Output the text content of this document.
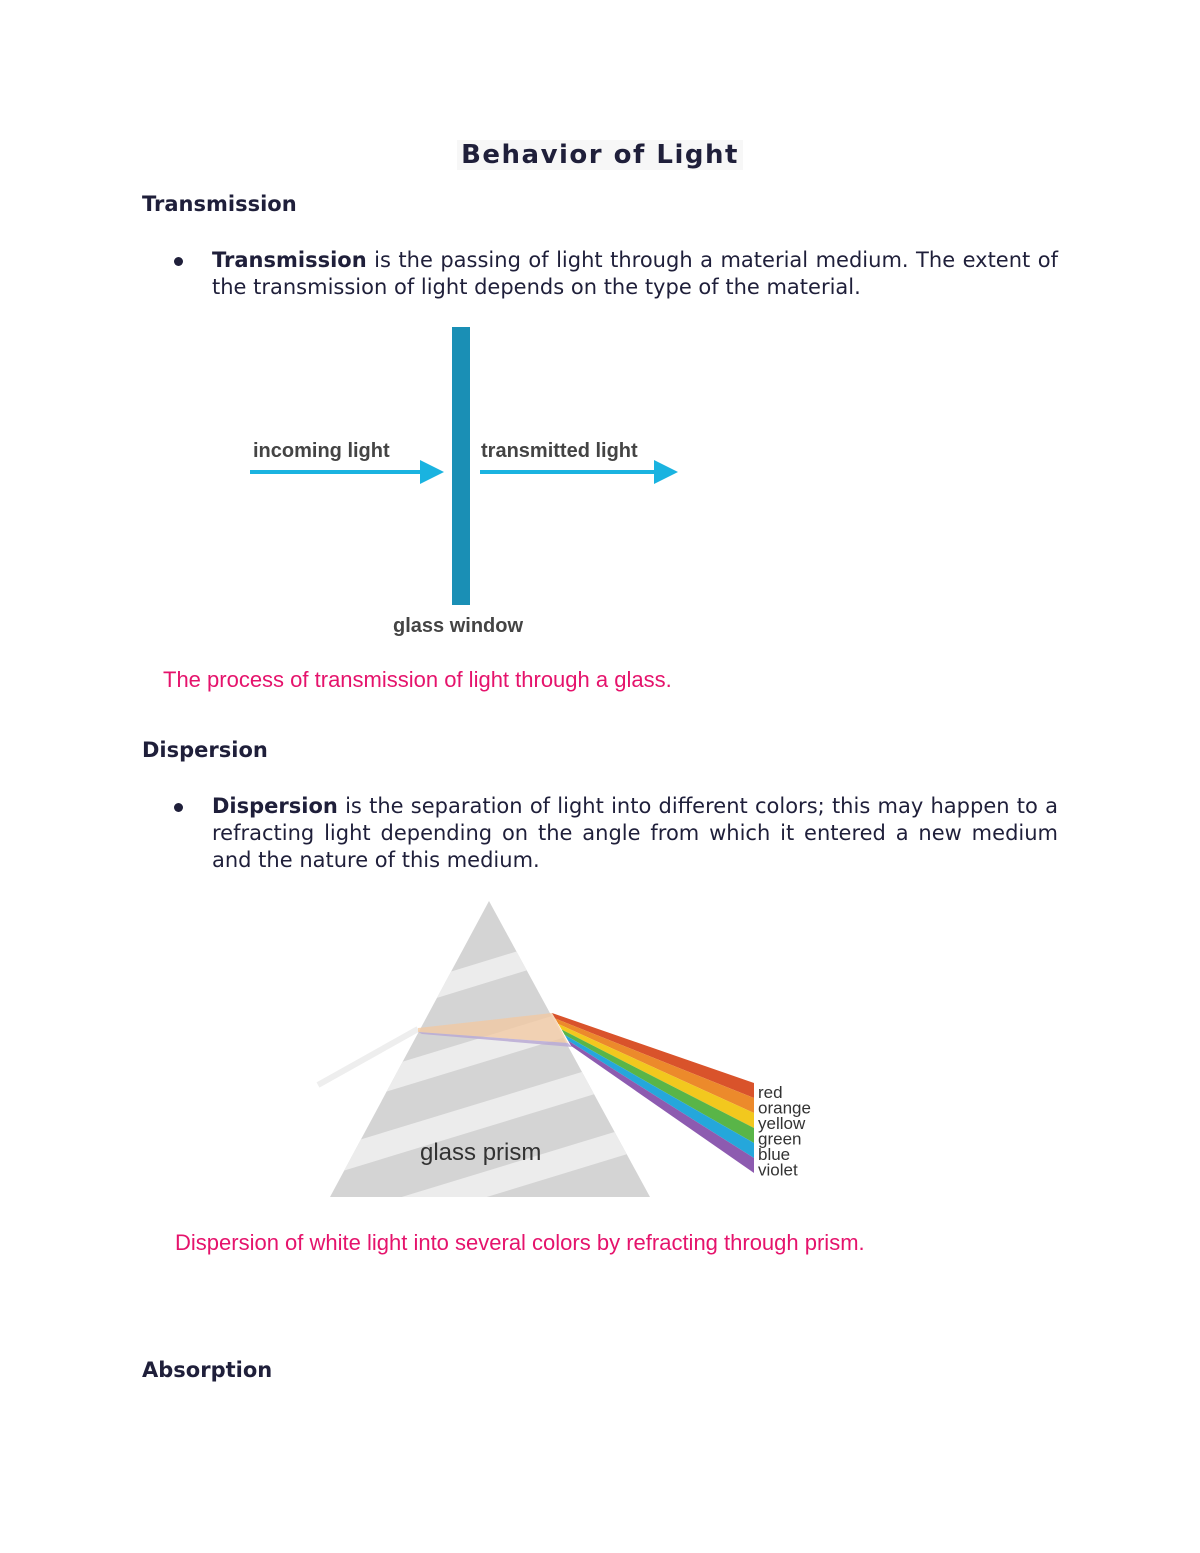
Behavior of Light
Transmission
Transmission is the passing of light through a material medium. The extent of the transmission of light depends on the type of the material.
incoming light	transmitted light
glass window
The process of transmission of light through a glass.
Dispersion
Dispersion is the separation of light into different colors; this may happen to a refracting light depending on the angle from which it entered a new medium and the nature of this medium.
glass prism
red
orange
yellow
green
blue
violet
Dispersion of white light into several colors by refracting through prism.
Absorption
